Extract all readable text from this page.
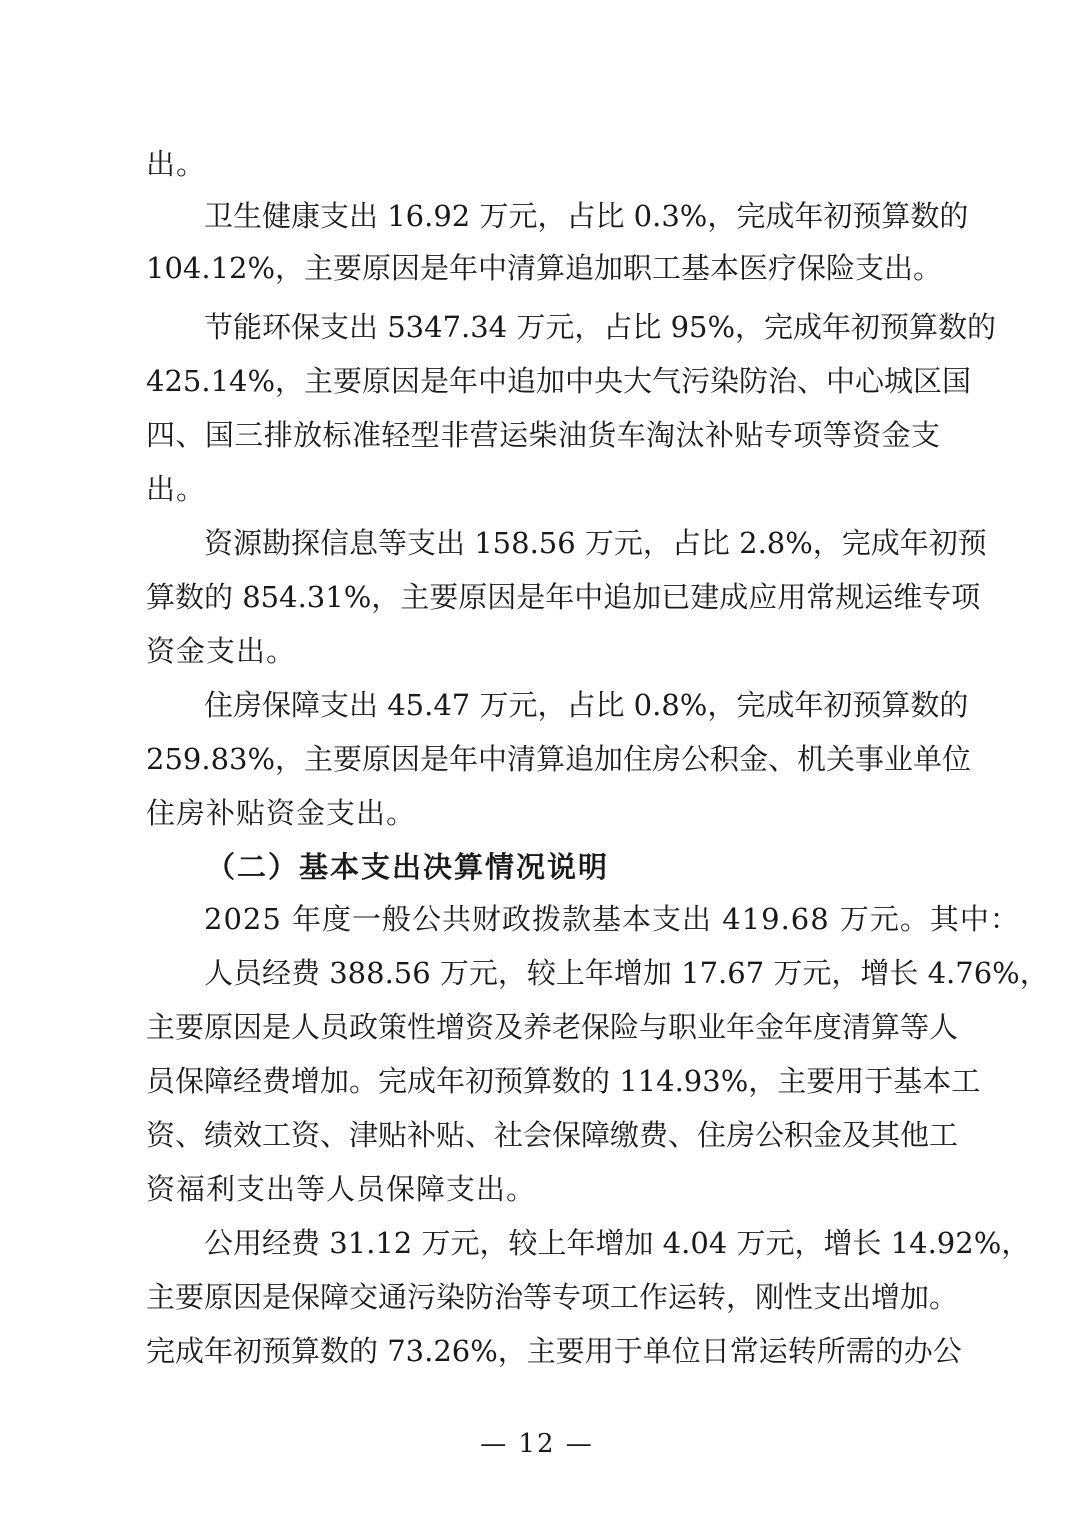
出。
卫生健康支出 16.92 万元，占比 0.3%，完成年初预算数的
104.12%，主要原因是年中清算追加职工基本医疗保险支出。
节能环保支出 5347.34 万元，占比 95%，完成年初预算数的
425.14%，主要原因是年中追加中央大气污染防治、中心城区国
四、国三排放标准轻型非营运柴油货车淘汰补贴专项等资金支
出。
资源勘探信息等支出 158.56 万元，占比 2.8%，完成年初预
算数的 854.31%，主要原因是年中追加已建成应用常规运维专项
资金支出。
住房保障支出 45.47 万元，占比 0.8%，完成年初预算数的
259.83%，主要原因是年中清算追加住房公积金、机关事业单位
住房补贴资金支出。
（二）基本支出决算情况说明
2025 年度一般公共财政拨款基本支出 419.68 万元。其中：
人员经费 388.56 万元，较上年增加 17.67 万元，增长 4.76%，
主要原因是人员政策性增资及养老保险与职业年金年度清算等人
员保障经费增加。完成年初预算数的 114.93%，主要用于基本工
资、绩效工资、津贴补贴、社会保障缴费、住房公积金及其他工
资福利支出等人员保障支出。
公用经费 31.12 万元，较上年增加 4.04 万元，增长 14.92%，
主要原因是保障交通污染防治等专项工作运转，刚性支出增加。
完成年初预算数的 73.26%，主要用于单位日常运转所需的办公
— 12 —
